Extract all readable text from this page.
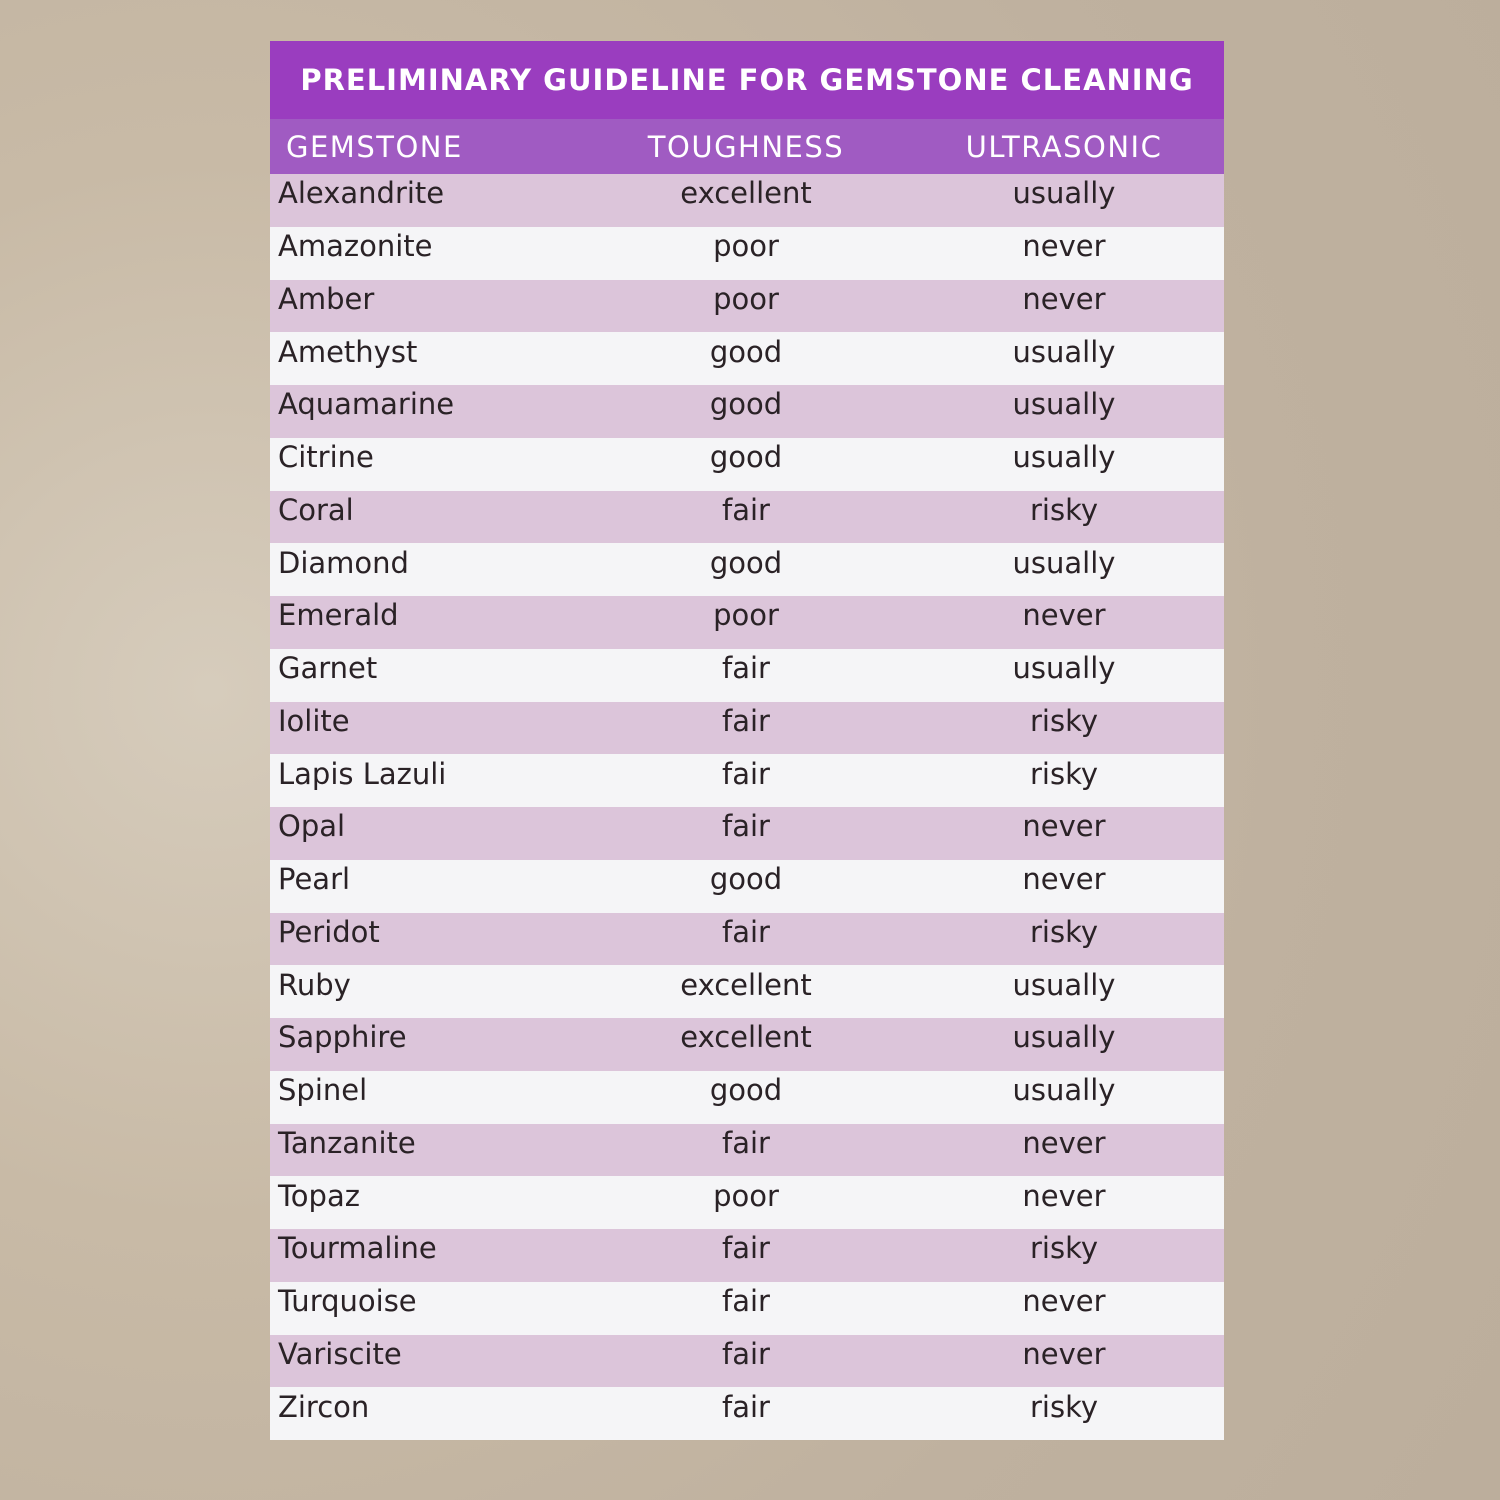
PRELIMINARY GUIDELINE FOR GEMSTONE CLEANING
GEMSTONE	TOUGHNESS	ULTRASONIC
Alexandrite	excellent	usually
Amazonite	poor	never
Amber	poor	never
Amethyst	good	usually
Aquamarine	good	usually
Citrine	good	usually
Coral	fair	risky
Diamond	good	usually
Emerald	poor	never
Garnet	fair	usually
Iolite	fair	risky
Lapis Lazuli	fair	risky
Opal	fair	never
Pearl	good	never
Peridot	fair	risky
Ruby	excellent	usually
Sapphire	excellent	usually
Spinel	good	usually
Tanzanite	fair	never
Topaz	poor	never
Tourmaline	fair	risky
Turquoise	fair	never
Variscite	fair	never
Zircon	fair	risky
